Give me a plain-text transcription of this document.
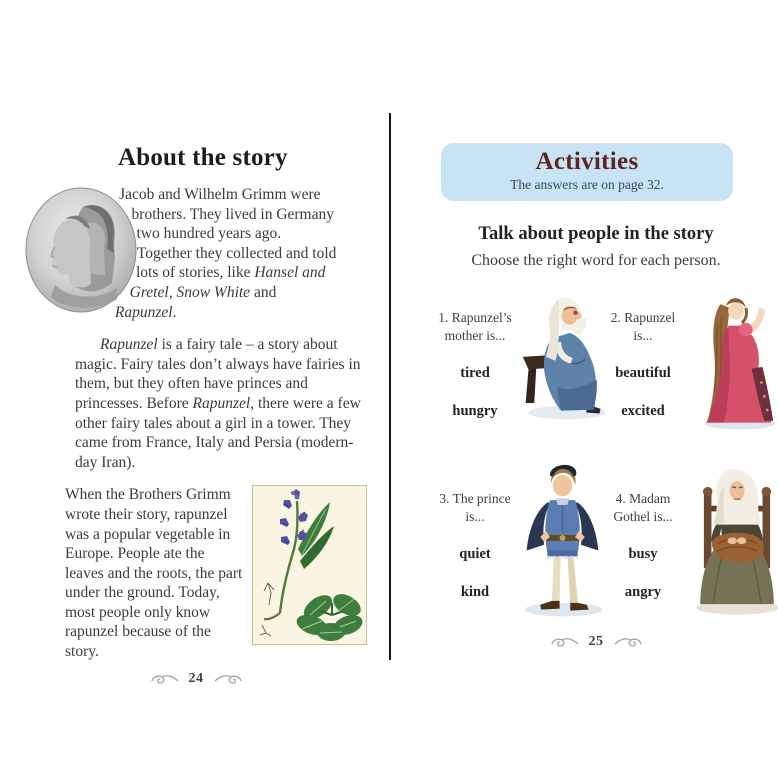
About the story
Jacob and Wilhelm Grimm were brothers. They lived in Germany two hundred years ago. Together they collected and told lots of stories, like Hansel and Gretel, Snow White and Rapunzel.
Rapunzel is a fairy tale – a story about magic. Fairy tales don’t always have fairies in them, but they often have princes and princesses. Before Rapunzel, there were a few other fairy tales about a girl in a tower. They came from France, Italy and Persia (modern-day Iran).
When the Brothers Grimm wrote their story, rapunzel was a popular vegetable in Europe. People ate the leaves and the roots, the part under the ground. Today, most people only know rapunzel because of the story.
24
Activities
The answers are on page 32.
Talk about people in the story
Choose the right word for each person.
1. Rapunzel’s mother is...
tired
hungry
2. Rapunzel is...
beautiful
excited
3. The prince is...
quiet
kind
4. Madam Gothel is...
busy
angry
25
